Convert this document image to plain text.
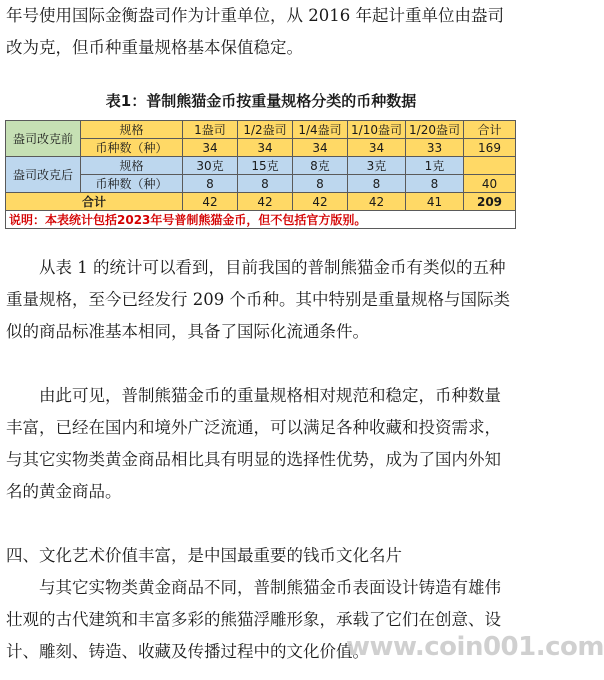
年号使用国际金衡盎司作为计重单位，从 2016 年起计重单位由盎司改为克，但币种重量规格基本保值稳定。

表1：普制熊猫金币按重量规格分类的币种数据
盎司改克前	规格	1盎司	1/2盎司	1/4盎司	1/10盎司	1/20盎司	合计
	币种数（种）	34	34	34	34	33	169
盎司改克后	规格	30克	15克	8克	3克	1克	
	币种数（种）	8	8	8	8	8	40
合计		42	42	42	42	41	209
说明：本表统计包括2023年号普制熊猫金币，但不包括官方版别。							

从表 1 的统计可以看到，目前我国的普制熊猫金币有类似的五种重量规格，至今已经发行 209 个币种。其中特别是重量规格与国际类似的商品标准基本相同，具备了国际化流通条件。

由此可见，普制熊猫金币的重量规格相对规范和稳定，币种数量丰富，已经在国内和境外广泛流通，可以满足各种收藏和投资需求，与其它实物类黄金商品相比具有明显的选择性优势，成为了国内外知名的黄金商品。

四、文化艺术价值丰富，是中国最重要的钱币文化名片

与其它实物类黄金商品不同，普制熊猫金币表面设计铸造有雄伟壮观的古代建筑和丰富多彩的熊猫浮雕形象，承载了它们在创意、设计、雕刻、铸造、收藏及传播过程中的文化价值。

www.coin001.com
